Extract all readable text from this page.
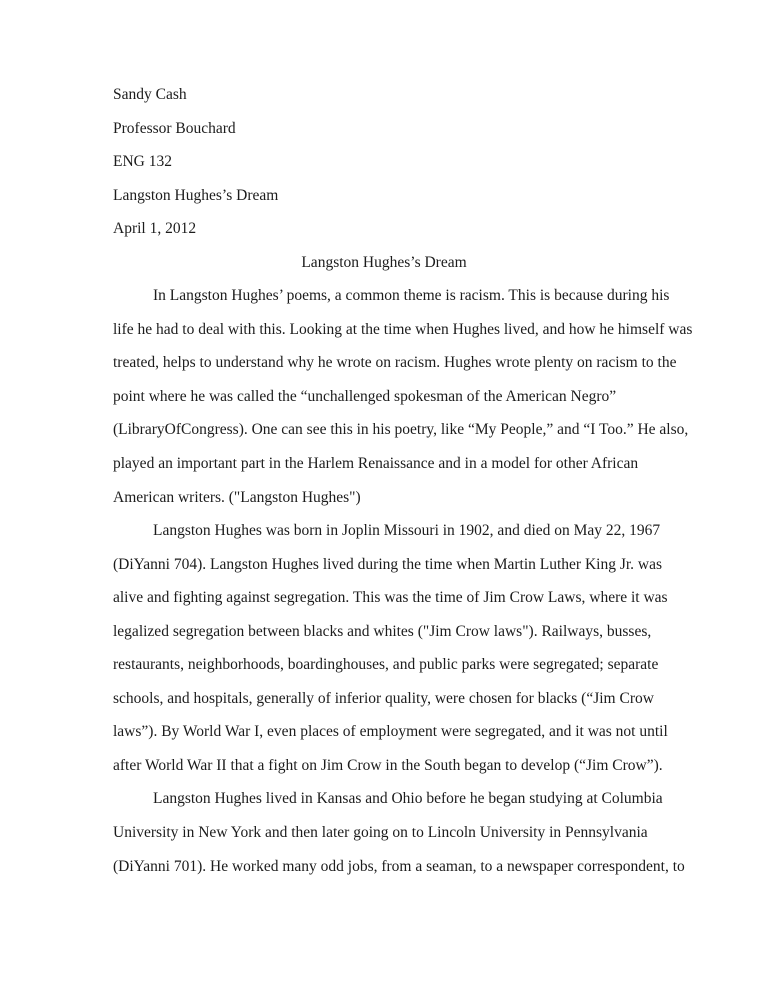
Sandy Cash
Professor Bouchard
ENG 132
Langston Hughes’s Dream
April 1, 2012
Langston Hughes’s Dream
In Langston Hughes’ poems, a common theme is racism. This is because during his
life he had to deal with this. Looking at the time when Hughes lived, and how he himself was
treated, helps to understand why he wrote on racism. Hughes wrote plenty on racism to the
point where he was called the “unchallenged spokesman of the American Negro”
(LibraryOfCongress). One can see this in his poetry, like “My People,” and “I Too.” He also,
played an important part in the Harlem Renaissance and in a model for other African
American writers. ("Langston Hughes")
Langston Hughes was born in Joplin Missouri in 1902, and died on May 22, 1967
(DiYanni 704). Langston Hughes lived during the time when Martin Luther King Jr. was
alive and fighting against segregation. This was the time of Jim Crow Laws, where it was
legalized segregation between blacks and whites ("Jim Crow laws"). Railways, busses,
restaurants, neighborhoods, boardinghouses, and public parks were segregated; separate
schools, and hospitals, generally of inferior quality, were chosen for blacks (“Jim Crow
laws”). By World War I, even places of employment were segregated, and it was not until
after World War II that a fight on Jim Crow in the South began to develop (“Jim Crow”).
Langston Hughes lived in Kansas and Ohio before he began studying at Columbia
University in New York and then later going on to Lincoln University in Pennsylvania
(DiYanni 701). He worked many odd jobs, from a seaman, to a newspaper correspondent, to
